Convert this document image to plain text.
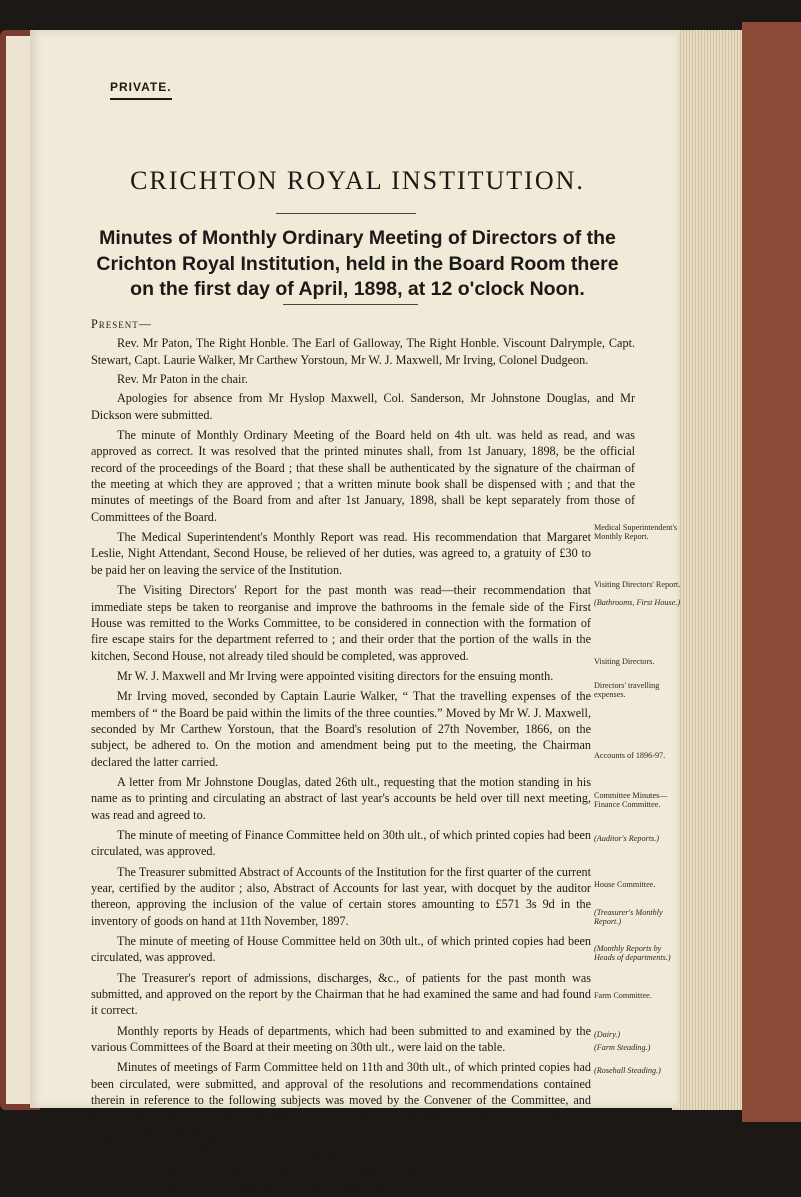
PRIVATE.
CRICHTON ROYAL INSTITUTION.
Minutes of Monthly Ordinary Meeting of Directors of the Crichton Royal Institution, held in the Board Room there on the first day of April, 1898, at 12 o'clock Noon.

Present—

Rev. Mr Paton, The Right Honble. The Earl of Galloway, The Right Honble. Viscount Dalrymple, Capt. Stewart, Capt. Laurie Walker, Mr Carthew Yorstoun, Mr W. J. Maxwell, Mr Irving, Colonel Dudgeon.

Rev. Mr Paton in the chair.

Apologies for absence from Mr Hyslop Maxwell, Col. Sanderson, Mr Johnstone Douglas, and Mr Dickson were submitted.

The minute of Monthly Ordinary Meeting of the Board held on 4th ult. was held as read, and was approved as correct. It was resolved that the printed minutes shall, from 1st January, 1898, be the official record of the proceedings of the Board ; that these shall be authenticated by the signature of the chairman of the meeting at which they are approved ; that a written minute book shall be dispensed with ; and that the minutes of meetings of the Board from and after 1st January, 1898, shall be kept separately from those of Committees of the Board.

The Medical Superintendent's Monthly Report was read. His recommendation that Margaret Leslie, Night Attendant, Second House, be relieved of her duties, was agreed to, a gratuity of £30 to be paid her on leaving the service of the Institution.

The Visiting Directors' Report for the past month was read—their recommendation that immediate steps be taken to reorganise and improve the bathrooms in the female side of the First House was remitted to the Works Committee, to be considered in connection with the formation of fire escape stairs for the department referred to ; and their order that the portion of the walls in the kitchen, Second House, not already tiled should be completed, was approved.

Mr W. J. Maxwell and Mr Irving were appointed visiting directors for the ensuing month.

Mr Irving moved, seconded by Captain Laurie Walker, “ That the travelling expenses of the members of “ the Board be paid within the limits of the three counties.” Moved by Mr W. J. Maxwell, seconded by Mr Carthew Yorstoun, that the Board's resolution of 27th November, 1866, on the subject, be adhered to. On the motion and amendment being put to the meeting, the Chairman declared the latter carried.

A letter from Mr Johnstone Douglas, dated 26th ult., requesting that the motion standing in his name as to printing and circulating an abstract of last year's accounts be held over till next meeting, was read and agreed to.

The minute of meeting of Finance Committee held on 30th ult., of which printed copies had been circulated, was approved.

The Treasurer submitted Abstract of Accounts of the Institution for the first quarter of the current year, certified by the auditor ; also, Abstract of Accounts for last year, with docquet by the auditor thereon, approving the inclusion of the value of certain stores amounting to £571 3s 9d in the inventory of goods on hand at 11th November, 1897.

The minute of meeting of House Committee held on 30th ult., of which printed copies had been circulated, was approved.

The Treasurer's report of admissions, discharges, &c., of patients for the past month was submitted, and approved on the report by the Chairman that he had examined the same and had found it correct.

Monthly reports by Heads of departments, which had been submitted to and examined by the various Committees of the Board at their meeting on 30th ult., were laid on the table.

Minutes of meetings of Farm Committee held on 11th and 30th ult., of which printed copies had been circulated, were submitted, and approval of the resolutions and recommendations contained therein in reference to the following subjects was moved by the Convener of the Committee, and agreed to, with power to the Committee to attend to the carrying out of the improvements recommended so far as not already done :—

Report as to fitting up of Dairy.
Do. on sundry improvements at new Steading and on Farm.
Do. on alterations on old Steading, Rosehall.
Medical Superintendent's Monthly Report.
Visiting Directors' Report.
(Bathrooms, First House.)
Visiting Directors.
Directors' travelling expenses.
Accounts of 1896-97.
Committee Minutes—Finance Committee.
(Auditor's Reports.)
House Committee.
(Treasurer's Monthly Report.)
(Monthly Reports by Heads of departments.)
Farm Committee.
(Dairy.)
(Farm Steading.)
(Rosehall Steading.)
